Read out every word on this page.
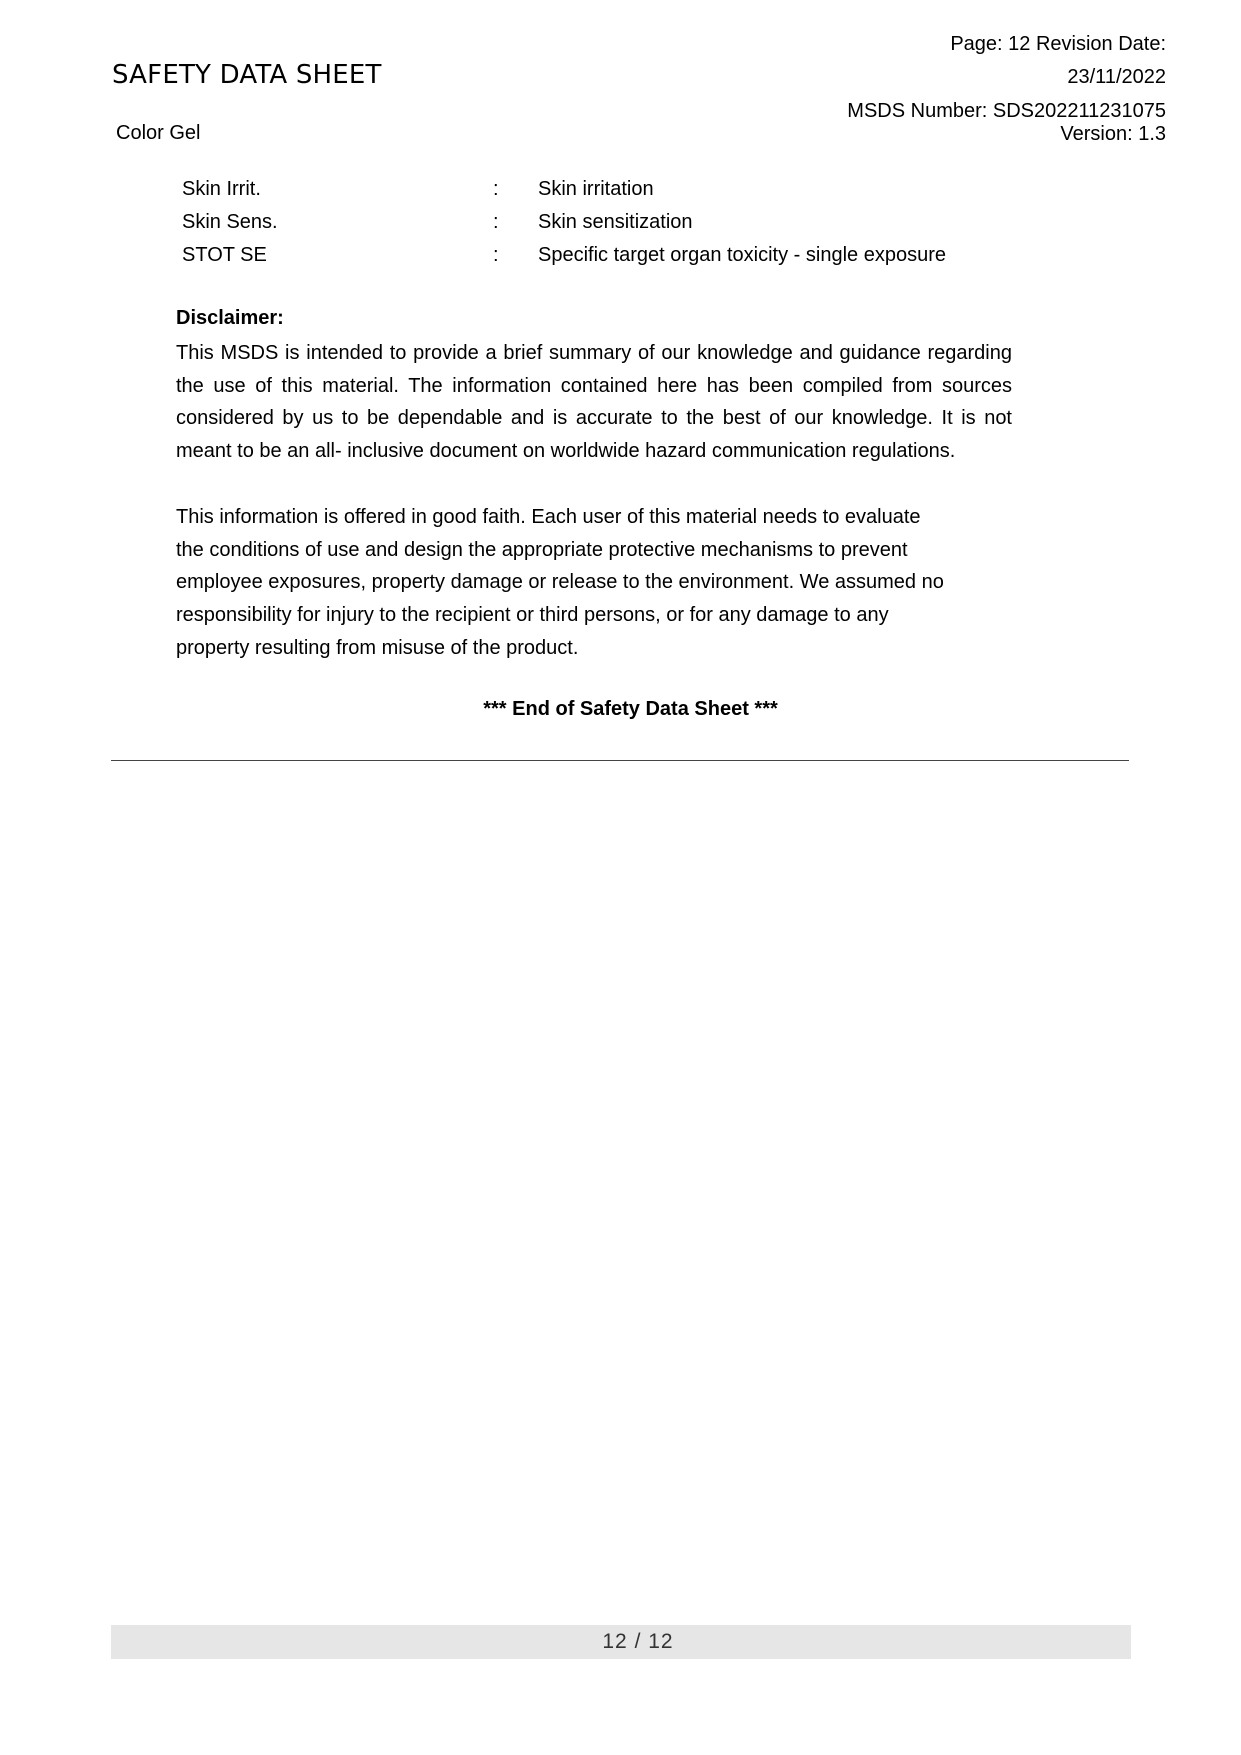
SAFETY DATA SHEET
Color Gel
Page: 12 Revision Date:
23/11/2022
MSDS Number: SDS202211231075
Version: 1.3
Skin Irrit.	: Skin irritation
Skin Sens.	: Skin sensitization
STOT SE	: Specific target organ toxicity - single exposure
Disclaimer:
This MSDS is intended to provide a brief summary of our knowledge and guidance regarding the use of this material. The information contained here has been compiled from sources considered by us to be dependable and is accurate to the best of our knowledge. It is not meant to be an all- inclusive document on worldwide hazard communication regulations.
This information is offered in good faith. Each user of this material needs to evaluate
the conditions of use and design the appropriate protective mechanisms to prevent
employee exposures, property damage or release to the environment. We assumed no
responsibility for injury to the recipient or third persons, or for any damage to any
property resulting from misuse of the product.
*** End of Safety Data Sheet ***
12 / 12
